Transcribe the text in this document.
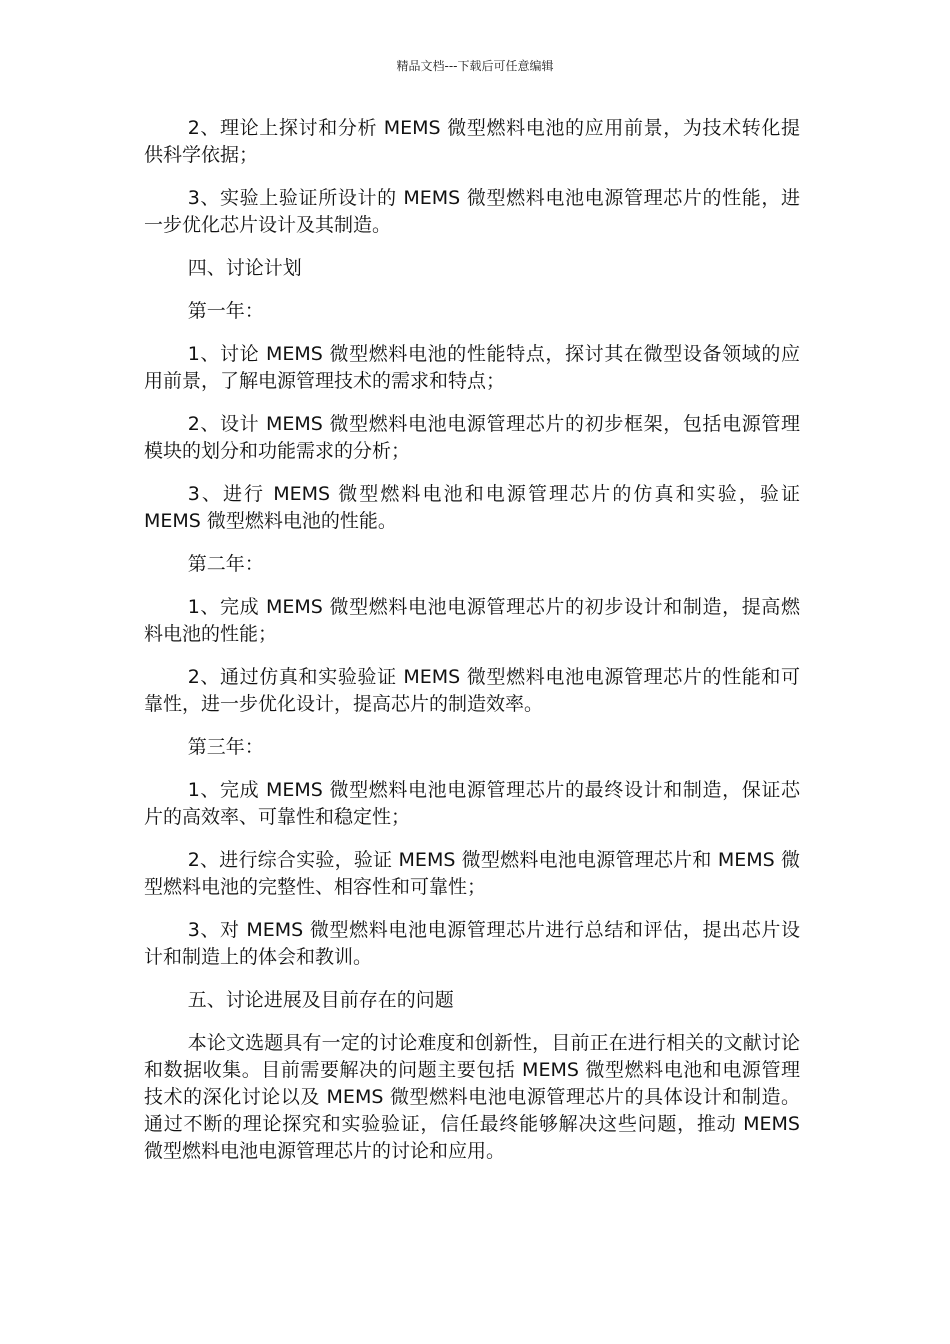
精品文档---下载后可任意编辑

2、理论上探讨和分析 MEMS 微型燃料电池的应用前景，为技术转化提供科学依据；

3、实验上验证所设计的 MEMS 微型燃料电池电源管理芯片的性能，进一步优化芯片设计及其制造。

四、讨论计划

第一年：

1、讨论 MEMS 微型燃料电池的性能特点，探讨其在微型设备领域的应用前景，了解电源管理技术的需求和特点；

2、设计 MEMS 微型燃料电池电源管理芯片的初步框架，包括电源管理模块的划分和功能需求的分析；

3、进行 MEMS 微型燃料电池和电源管理芯片的仿真和实验，验证 MEMS 微型燃料电池的性能。

第二年：

1、完成 MEMS 微型燃料电池电源管理芯片的初步设计和制造，提高燃料电池的性能；

2、通过仿真和实验验证 MEMS 微型燃料电池电源管理芯片的性能和可靠性，进一步优化设计，提高芯片的制造效率。

第三年：

1、完成 MEMS 微型燃料电池电源管理芯片的最终设计和制造，保证芯片的高效率、可靠性和稳定性；

2、进行综合实验，验证 MEMS 微型燃料电池电源管理芯片和 MEMS 微型燃料电池的完整性、相容性和可靠性；

3、对 MEMS 微型燃料电池电源管理芯片进行总结和评估，提出芯片设计和制造上的体会和教训。

五、讨论进展及目前存在的问题

本论文选题具有一定的讨论难度和创新性，目前正在进行相关的文献讨论和数据收集。目前需要解决的问题主要包括 MEMS 微型燃料电池和电源管理技术的深化讨论以及 MEMS 微型燃料电池电源管理芯片的具体设计和制造。通过不断的理论探究和实验验证，信任最终能够解决这些问题，推动 MEMS 微型燃料电池电源管理芯片的讨论和应用。
